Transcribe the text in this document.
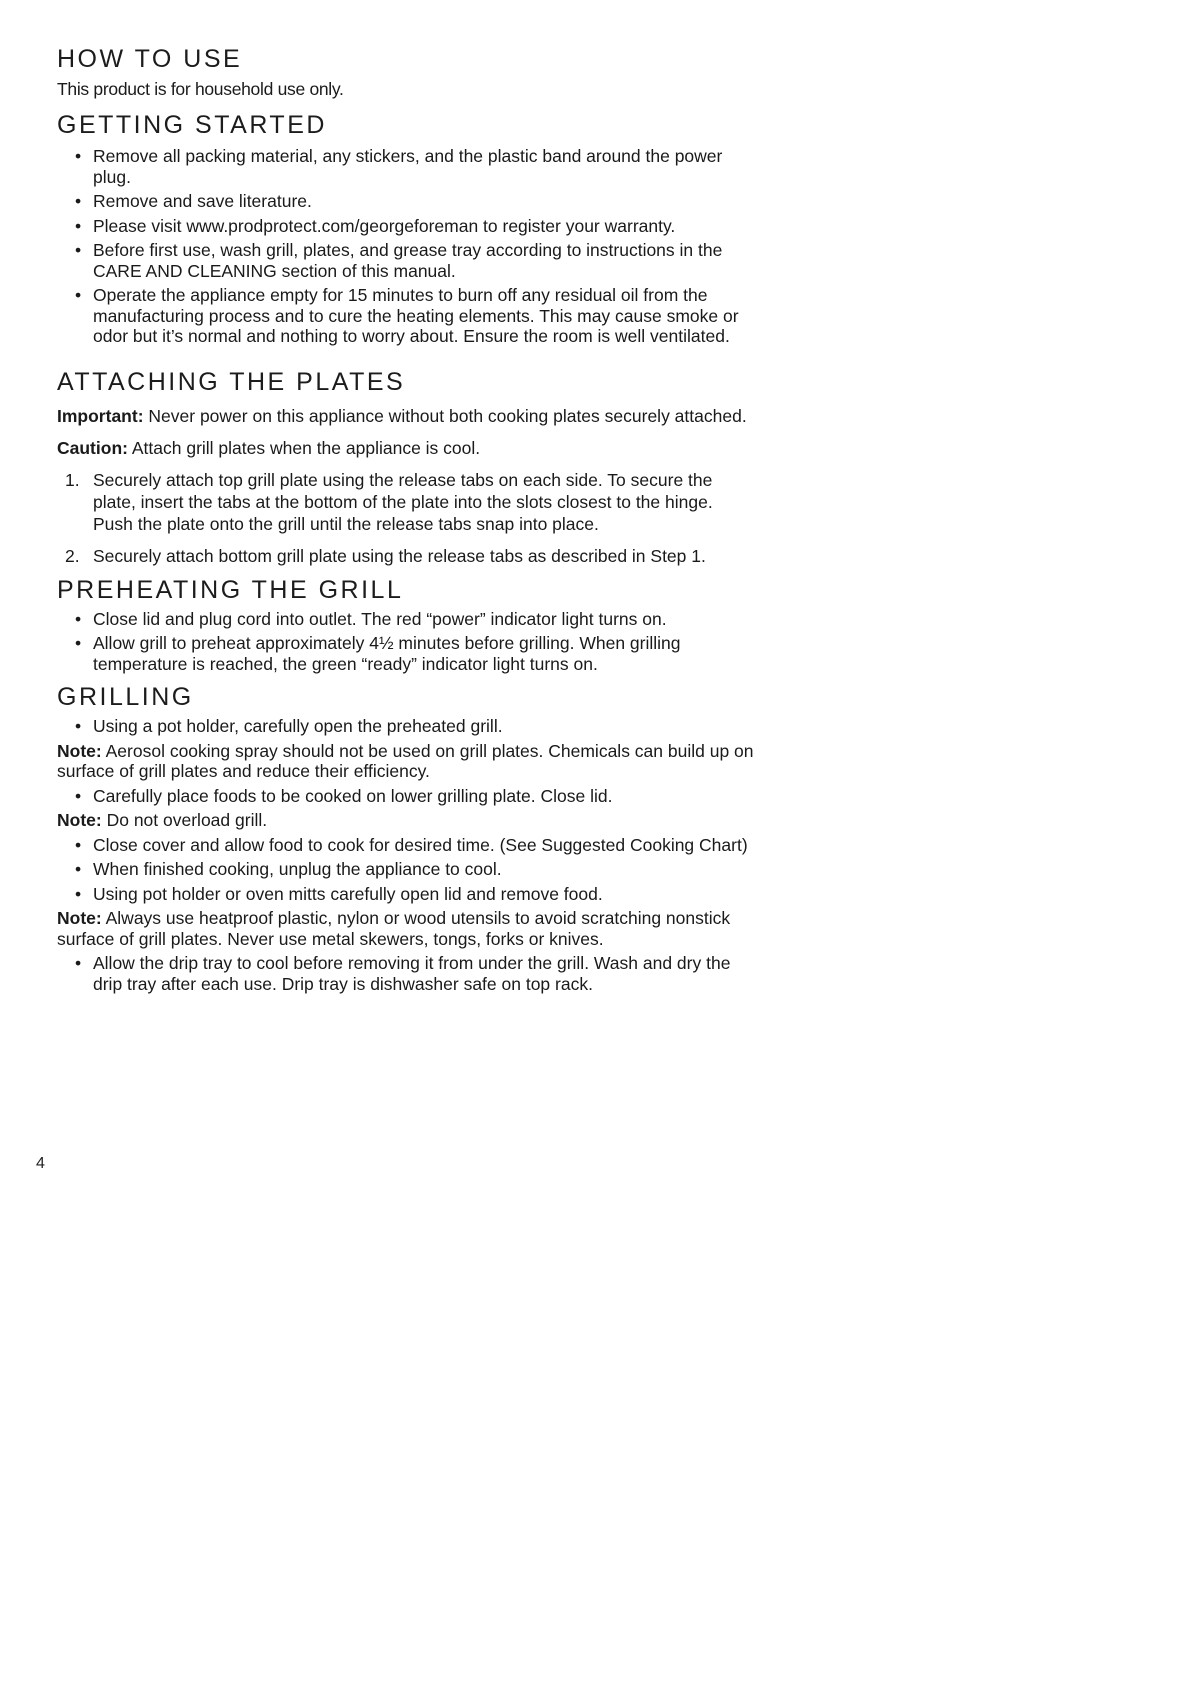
HOW TO USE

This product is for household use only.

GETTING STARTED
• Remove all packing material, any stickers, and the plastic band around the power plug.
• Remove and save literature.
• Please visit www.prodprotect.com/georgeforeman to register your warranty.
• Before first use, wash grill, plates, and grease tray according to instructions in the CARE AND CLEANING section of this manual.
• Operate the appliance empty for 15 minutes to burn off any residual oil from the manufacturing process and to cure the heating elements. This may cause smoke or odor but it’s normal and nothing to worry about. Ensure the room is well ventilated.
ATTACHING THE PLATES

Important: Never power on this appliance without both cooking plates securely attached.

Caution: Attach grill plates when the appliance is cool.

1. Securely attach top grill plate using the release tabs on each side. To secure the plate, insert the tabs at the bottom of the plate into the slots closest to the hinge. Push the plate onto the grill until the release tabs snap into place.
2. Securely attach bottom grill plate using the release tabs as described in Step 1.
PREHEATING THE GRILL
• Close lid and plug cord into outlet. The red “power” indicator light turns on.
• Allow grill to preheat approximately 4½ minutes before grilling. When grilling temperature is reached, the green “ready” indicator light turns on.
GRILLING
• Using a pot holder, carefully open the preheated grill.

Note: Aerosol cooking spray should not be used on grill plates. Chemicals can build up on surface of grill plates and reduce their efficiency.

• Carefully place foods to be cooked on lower grilling plate. Close lid.

Note: Do not overload grill.

• Close cover and allow food to cook for desired time. (See Suggested Cooking Chart)
• When finished cooking, unplug the appliance to cool.
• Using pot holder or oven mitts carefully open lid and remove food.

Note: Always use heatproof plastic, nylon or wood utensils to avoid scratching nonstick surface of grill plates. Never use metal skewers, tongs, forks or knives.

• Allow the drip tray to cool before removing it from under the grill. Wash and dry the drip tray after each use. Drip tray is dishwasher safe on top rack.
4
